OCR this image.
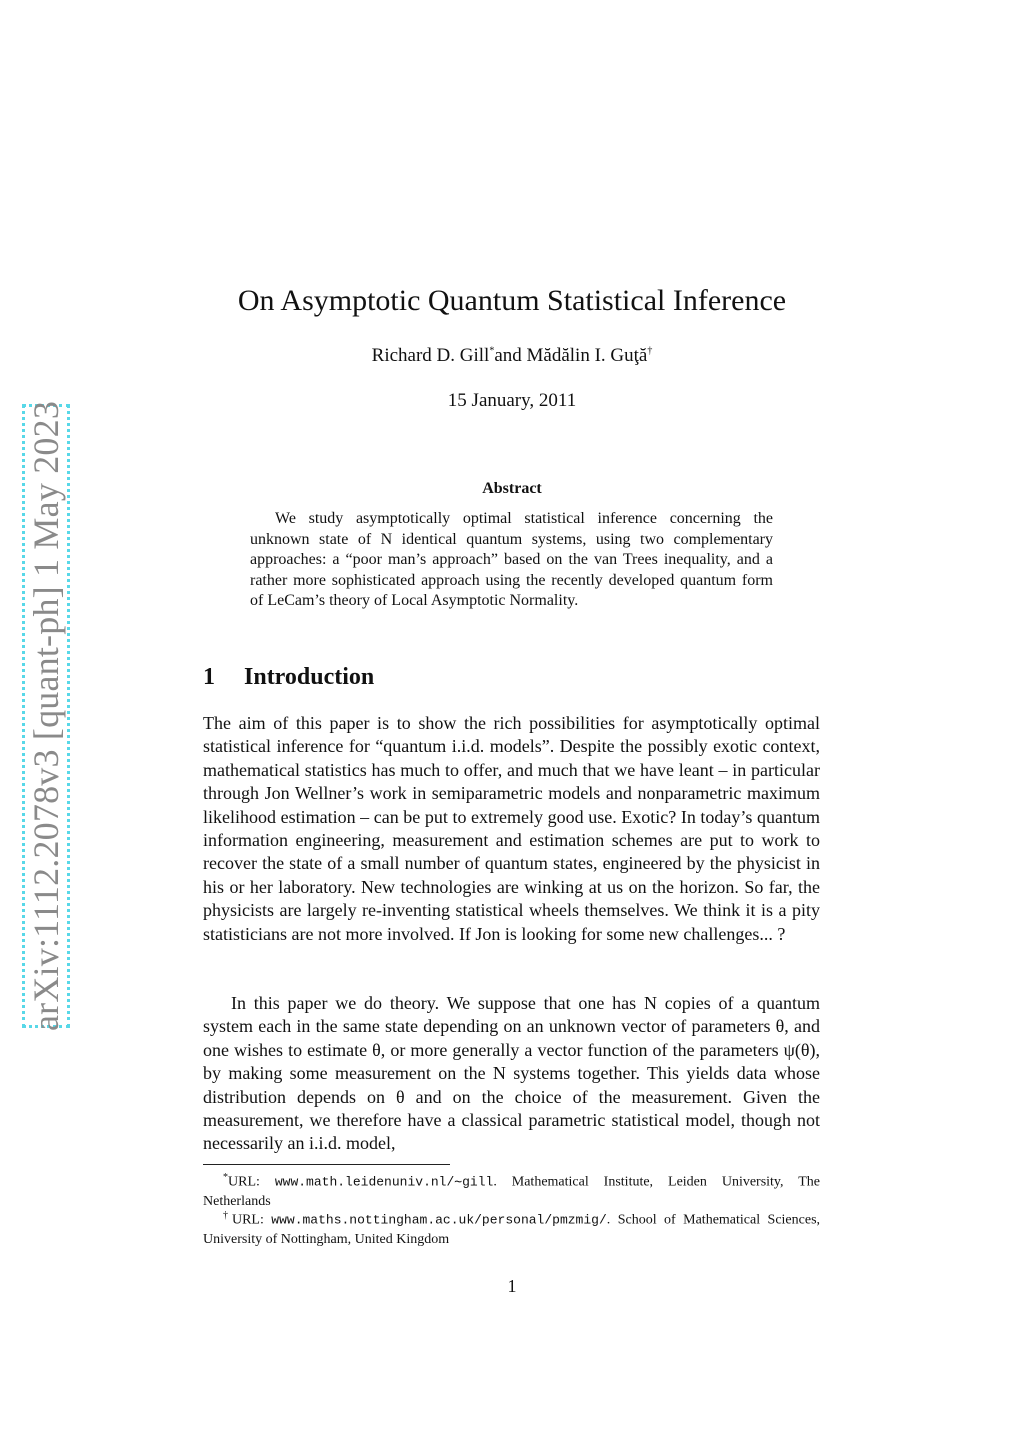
arXiv:1112.2078v3 [quant-ph] 1 May 2023
On Asymptotic Quantum Statistical Inference
Richard D. Gill*and Mădălin I. Guţă†
15 January, 2011
Abstract

We study asymptotically optimal statistical inference concerning the unknown state of N identical quantum systems, using two complementary approaches: a “poor man’s approach” based on the van Trees inequality, and a rather more sophisticated approach using the recently developed quantum form of LeCam’s theory of Local Asymptotic Normality.

1 Introduction

The aim of this paper is to show the rich possibilities for asymptotically optimal statistical inference for “quantum i.i.d. models”. Despite the possibly exotic context, mathematical statistics has much to offer, and much that we have leant – in particular through Jon Wellner’s work in semiparametric models and nonparametric maximum likelihood estimation – can be put to extremely good use. Exotic? In today’s quantum information engineering, measurement and estimation schemes are put to work to recover the state of a small number of quantum states, engineered by the physicist in his or her laboratory. New technologies are winking at us on the horizon. So far, the physicists are largely re-inventing statistical wheels themselves. We think it is a pity statisticians are not more involved. If Jon is looking for some new challenges... ?

In this paper we do theory. We suppose that one has N copies of a quantum system each in the same state depending on an unknown vector of parameters θ, and one wishes to estimate θ, or more generally a vector function of the parameters ψ(θ), by making some measurement on the N systems together. This yields data whose distribution depends on θ and on the choice of the measurement. Given the measurement, we therefore have a classical parametric statistical model, though not necessarily an i.i.d. model,

*URL: www.math.leidenuniv.nl/∼gill. Mathematical Institute, Leiden University, The Netherlands

†URL: www.maths.nottingham.ac.uk/personal/pmzmig/. School of Mathematical Sciences, University of Nottingham, United Kingdom

1
